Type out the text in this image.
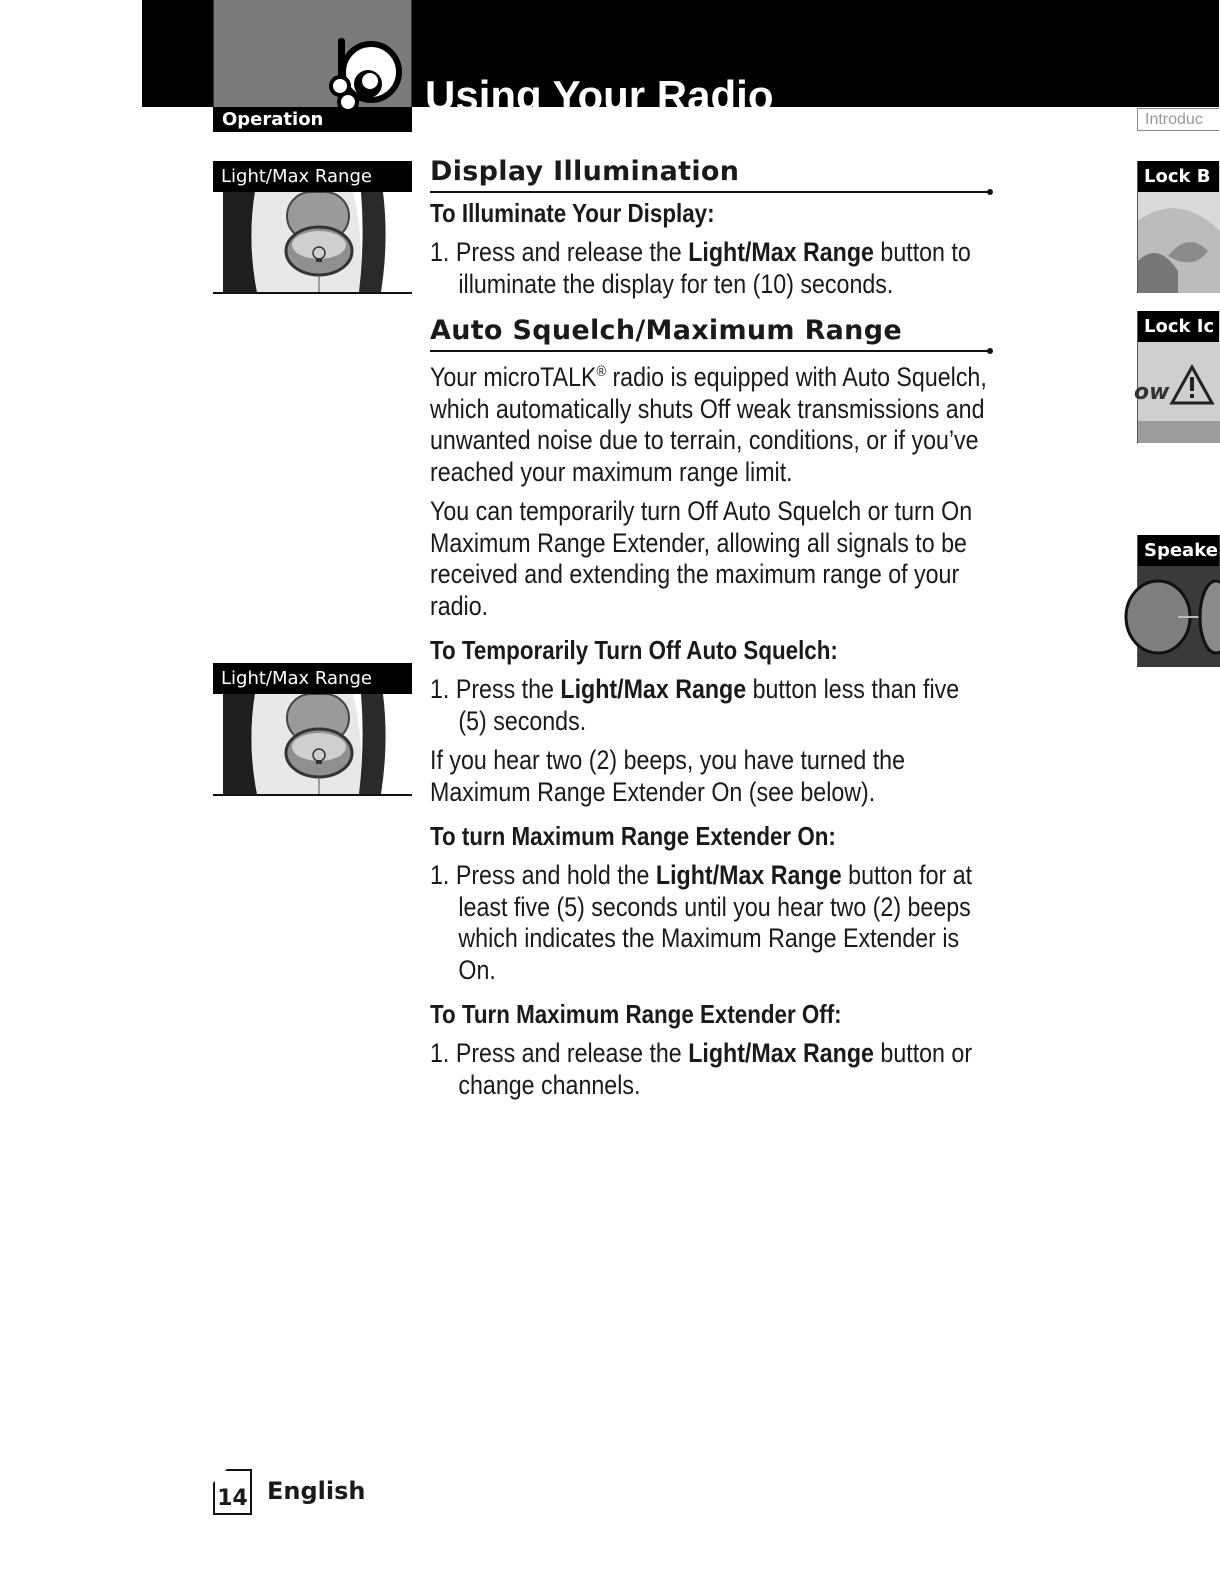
Operation
Using Your Radio
Introduc
Light/Max Range
Light/Max Range
Lock B
Lock Ic
ow
Speake
Display Illumination
To Illuminate Your Display:

1. Press and release the Light/Max Range button to illuminate the display for ten (10) seconds.

Auto Squelch/Maximum Range

Your microTALK® radio is equipped with Auto Squelch, which automatically shuts Off weak transmissions and unwanted noise due to terrain, conditions, or if you’ve reached your maximum range limit.

You can temporarily turn Off Auto Squelch or turn On Maximum Range Extender, allowing all signals to be received and extending the maximum range of your radio.

To Temporarily Turn Off Auto Squelch:

1. Press the Light/Max Range button less than five (5) seconds.

If you hear two (2) beeps, you have turned the Maximum Range Extender On (see below).

To turn Maximum Range Extender On:

1. Press and hold the Light/Max Range button for at least five (5) seconds until you hear two (2) beeps which indicates the Maximum Range Extender is On.

To Turn Maximum Range Extender Off:

1. Press and release the Light/Max Range button or change channels.

14 English
